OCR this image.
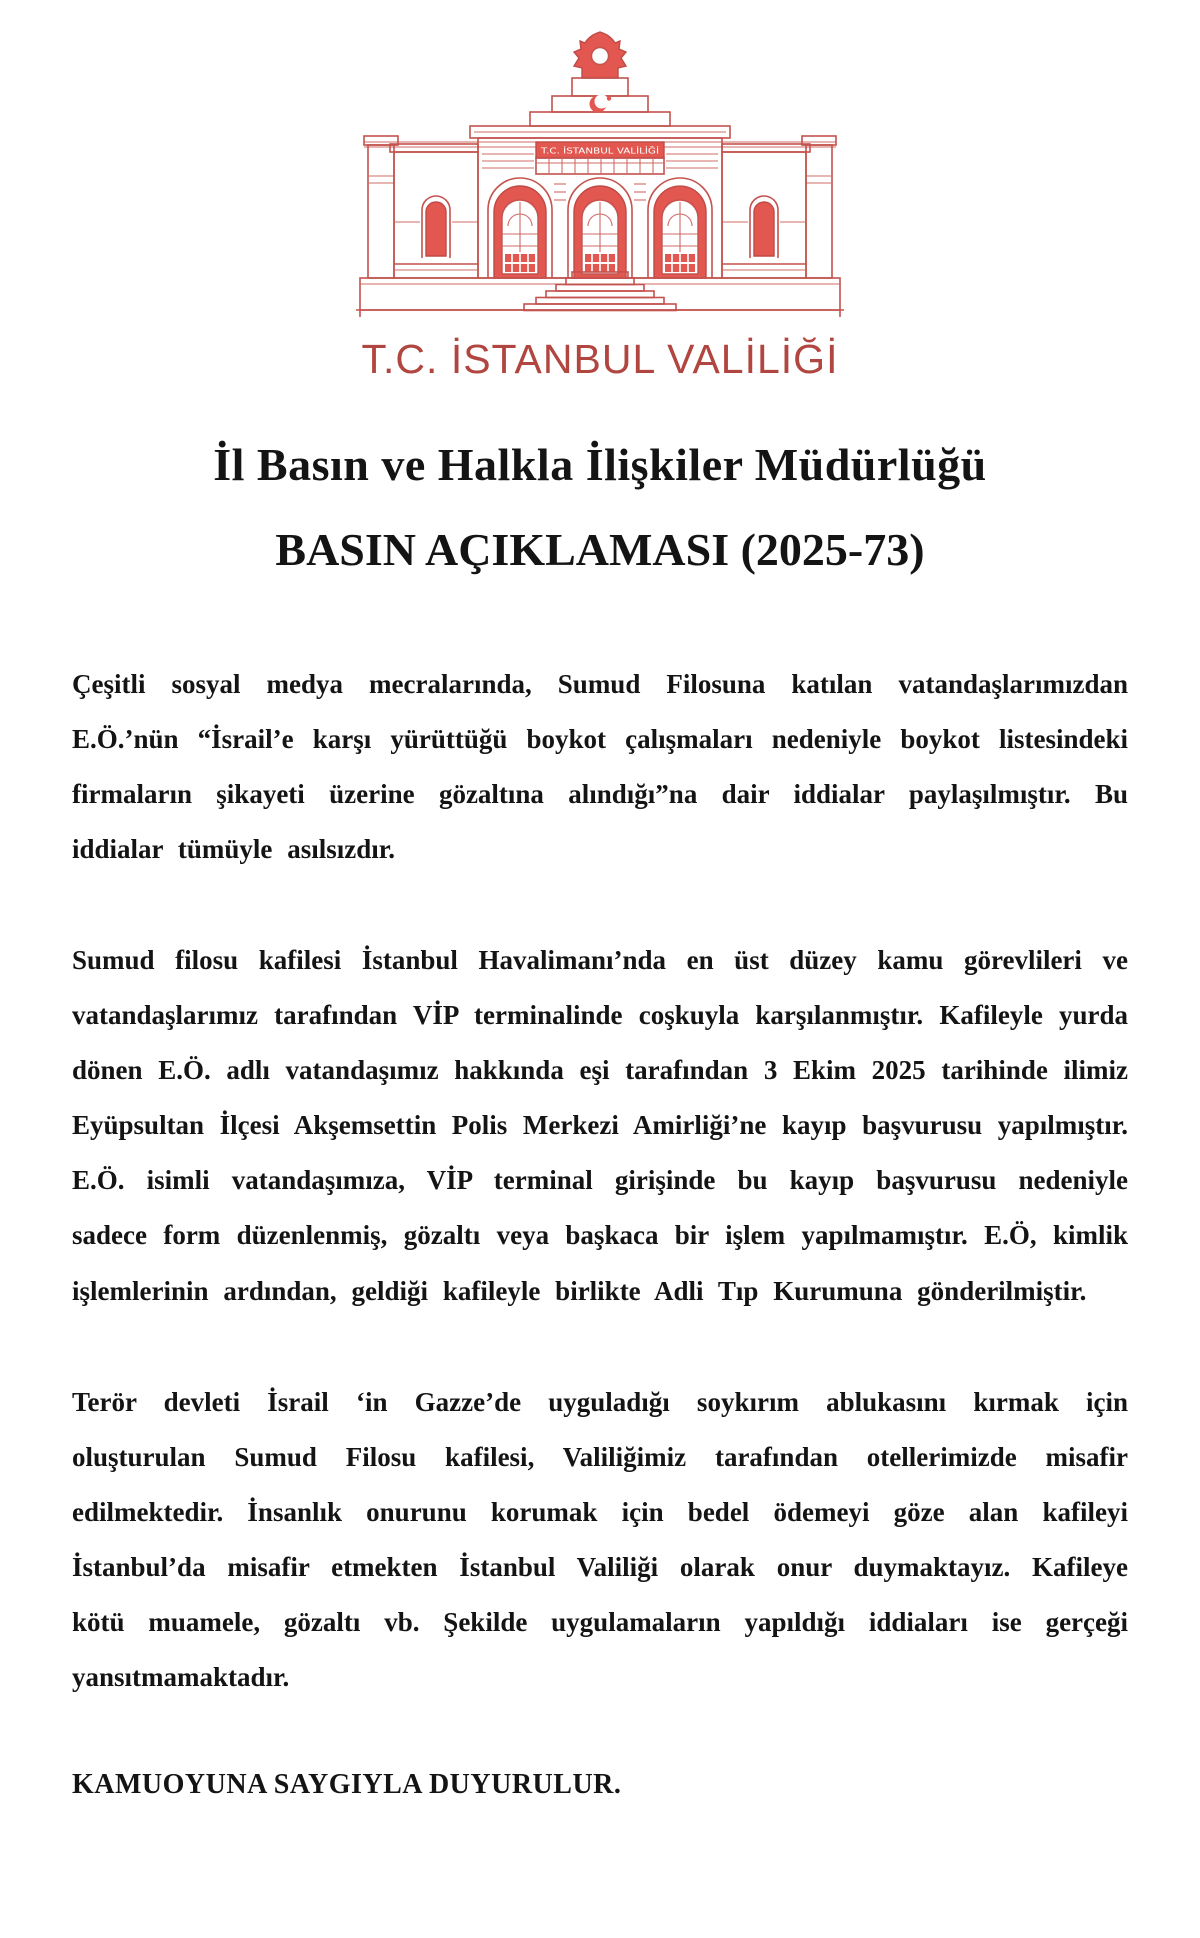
T.C. İSTANBUL VALİLİĞİ
T.C. İSTANBUL VALİLİĞİ
İl Basın ve Halkla İlişkiler Müdürlüğü
BASIN AÇIKLAMASI (2025-73)

Çeşitli sosyal medya mecralarında, Sumud Filosuna katılan vatandaşlarımızdan E.Ö.’nün “İsrail’e karşı yürüttüğü boykot çalışmaları nedeniyle boykot listesindeki firmaların şikayeti üzerine gözaltına alındığı”na dair iddialar paylaşılmıştır. Bu iddialar tümüyle asılsızdır.

Sumud filosu kafilesi İstanbul Havalimanı’nda en üst düzey kamu görevlileri ve vatandaşlarımız tarafından VİP terminalinde coşkuyla karşılanmıştır. Kafileyle yurda dönen E.Ö. adlı vatandaşımız hakkında eşi tarafından 3 Ekim 2025 tarihinde ilimiz Eyüpsultan İlçesi Akşemsettin Polis Merkezi Amirliği’ne kayıp başvurusu yapılmıştır. E.Ö. isimli vatandaşımıza, VİP terminal girişinde bu kayıp başvurusu nedeniyle sadece form düzenlenmiş, gözaltı veya başkaca bir işlem yapılmamıştır. E.Ö, kimlik işlemlerinin ardından, geldiği kafileyle birlikte Adli Tıp Kurumuna gönderilmiştir.

Terör devleti İsrail ‘in Gazze’de uyguladığı soykırım ablukasını kırmak için oluşturulan Sumud Filosu kafilesi, Valiliğimiz tarafından otellerimizde misafir edilmektedir. İnsanlık onurunu korumak için bedel ödemeyi göze alan kafileyi İstanbul’da misafir etmekten İstanbul Valiliği olarak onur duymaktayız. Kafileye kötü muamele, gözaltı vb. Şekilde uygulamaların yapıldığı iddiaları ise gerçeği yansıtmamaktadır.

KAMUOYUNA SAYGIYLA DUYURULUR.
